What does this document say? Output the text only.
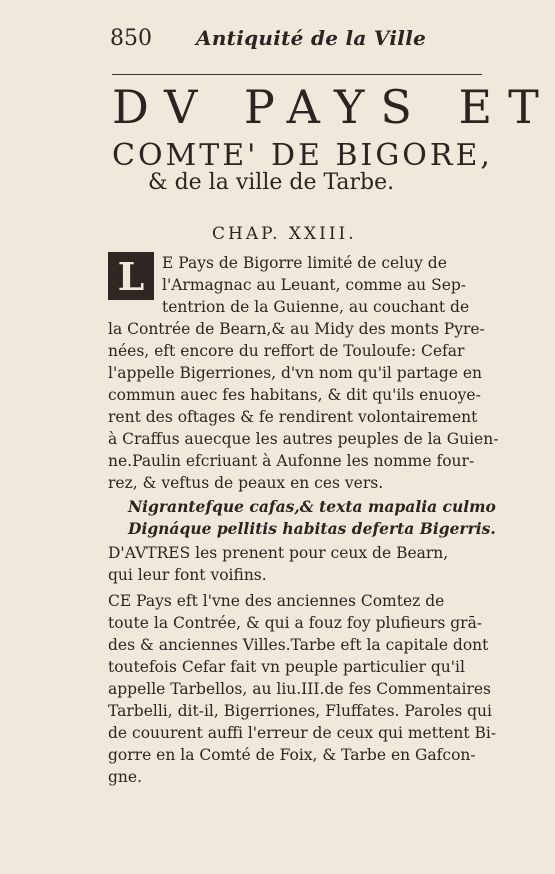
850 Antiquité de la Ville
DV PAYS ET
COMTE' DE BIGORE,
& de la ville de Tarbe.
CHAP. XXIII.
L	E Pays de Bigorre limité de celuy de
l'Armagnac au Leuant, comme au Sep-
tentrion de la Guienne, au couchant de
la Contrée de Bearn,& au Midy des monts Pyre-
nées, eft encore du reffort de Touloufe: Cefar
l'appelle Bigerriones, d'vn nom qu'il partage en
commun auec fes habitans, & dit qu'ils enuoye-
rent des oftages & fe rendirent volontairement
à Craffus auecque les autres peuples de la Guien-
ne.Paulin efcriuant à Aufonne les nomme four-
rez, & veftus de peaux en ces vers.
Nigrantefque cafas,& texta mapalia culmo
Dignáque pellitis habitas deferta Bigerris.
D'AVTRES les prenent pour ceux de Bearn,
qui leur font voifins.
CE Pays eft l'vne des anciennes Comtez de
toute la Contrée, & qui a fouz foy plufieurs grā-
des & anciennes Villes.Tarbe eft la capitale dont
toutefois Cefar fait vn peuple particulier qu'il
appelle Tarbellos, au liu.III.de fes Commentaires
Tarbelli, dit-il, Bigerriones, Fluffates. Paroles qui
de couurent auffi l'erreur de ceux qui mettent Bi-
gorre en la Comté de Foix, & Tarbe en Gafcon-
gne.
